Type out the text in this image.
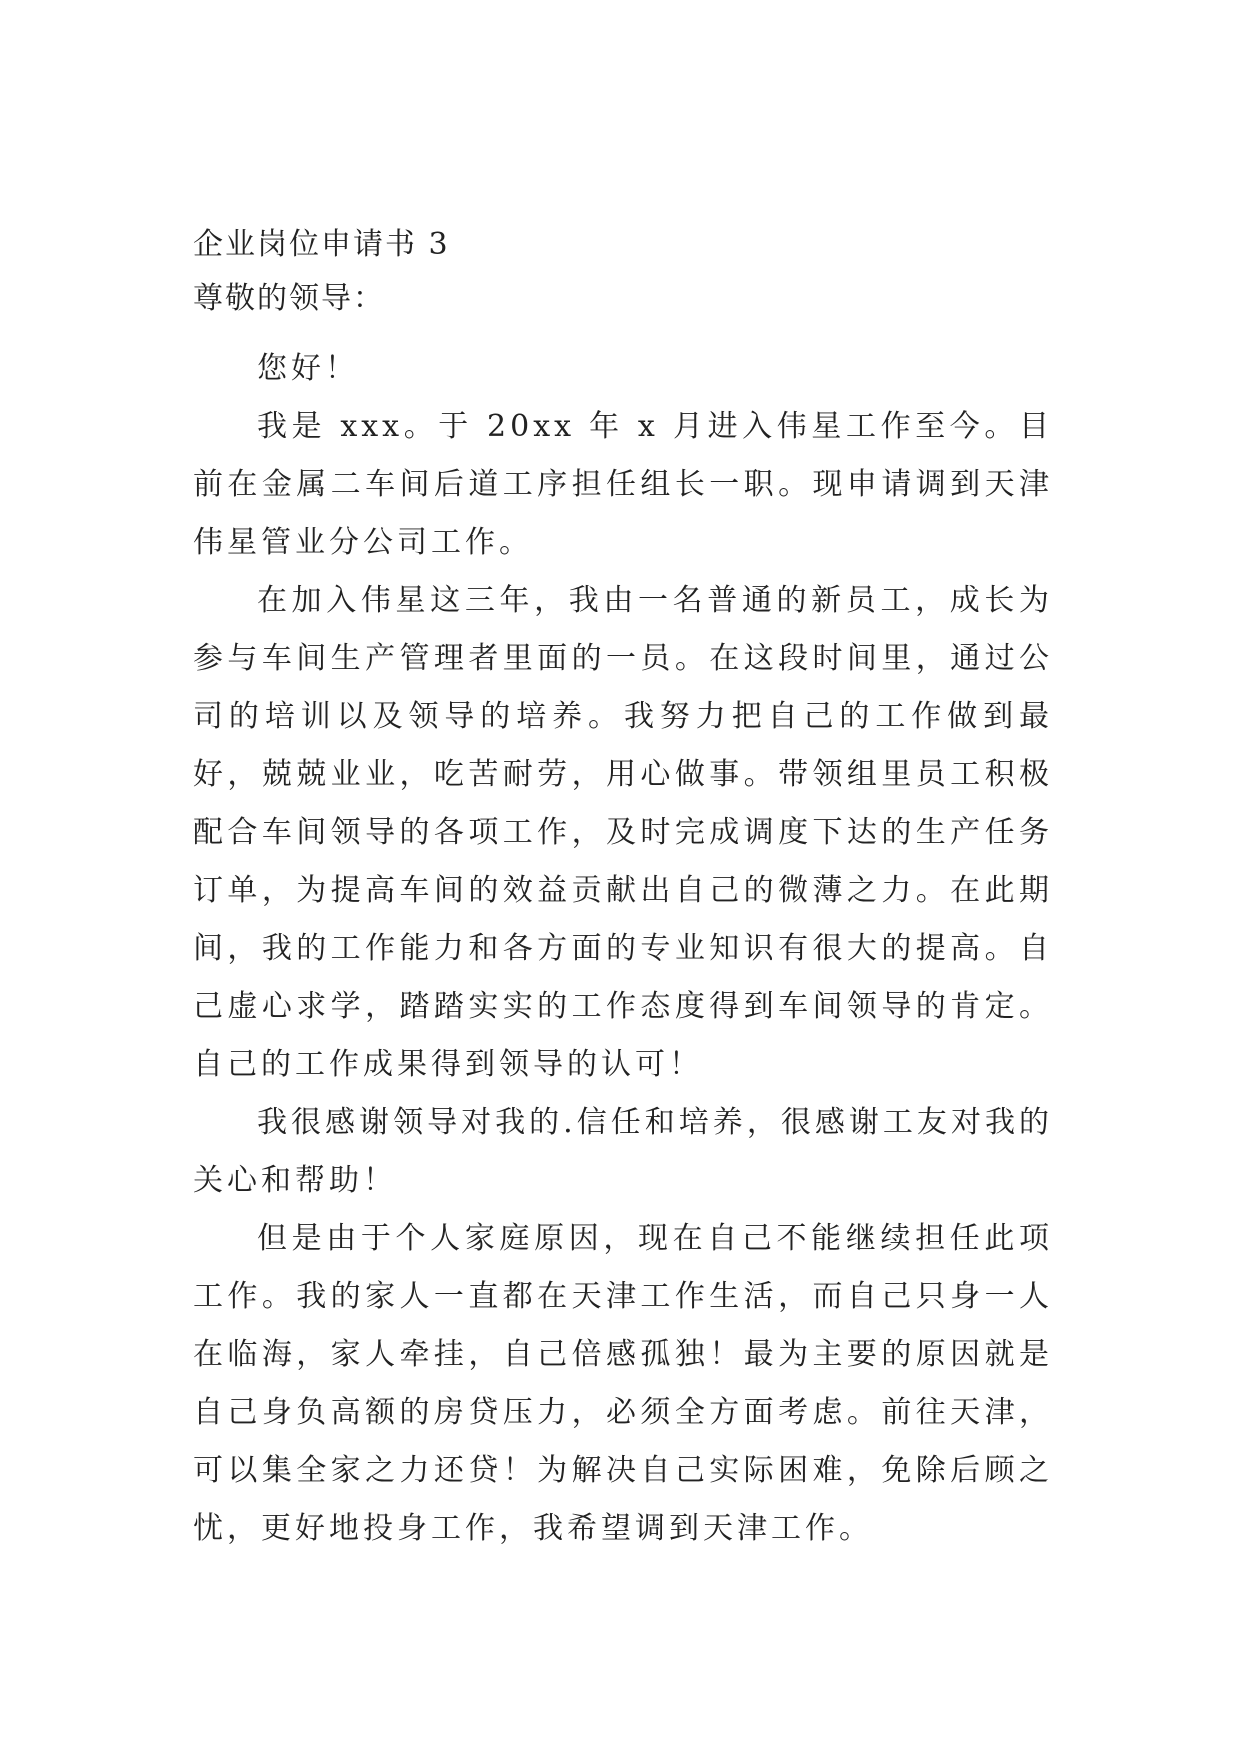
企业岗位申请书 3
尊敬的领导：

您好！

我是 xxx。于 20xx 年 x 月进入伟星工作至今。目前在金属二车间后道工序担任组长一职。现申请调到天津伟星管业分公司工作。

在加入伟星这三年，我由一名普通的新员工，成长为参与车间生产管理者里面的一员。在这段时间里，通过公司的培训以及领导的培养。我努力把自己的工作做到最好，兢兢业业，吃苦耐劳，用心做事。带领组里员工积极配合车间领导的各项工作，及时完成调度下达的生产任务订单，为提高车间的效益贡献出自己的微薄之力。在此期间，我的工作能力和各方面的专业知识有很大的提高。自己虚心求学，踏踏实实的工作态度得到车间领导的肯定。自己的工作成果得到领导的认可！

我很感谢领导对我的.信任和培养，很感谢工友对我的关心和帮助！

但是由于个人家庭原因，现在自己不能继续担任此项工作。我的家人一直都在天津工作生活，而自己只身一人在临海，家人牵挂，自己倍感孤独！最为主要的原因就是自己身负高额的房贷压力，必须全方面考虑。前往天津，可以集全家之力还贷！为解决自己实际困难，免除后顾之忧，更好地投身工作，我希望调到天津工作。
